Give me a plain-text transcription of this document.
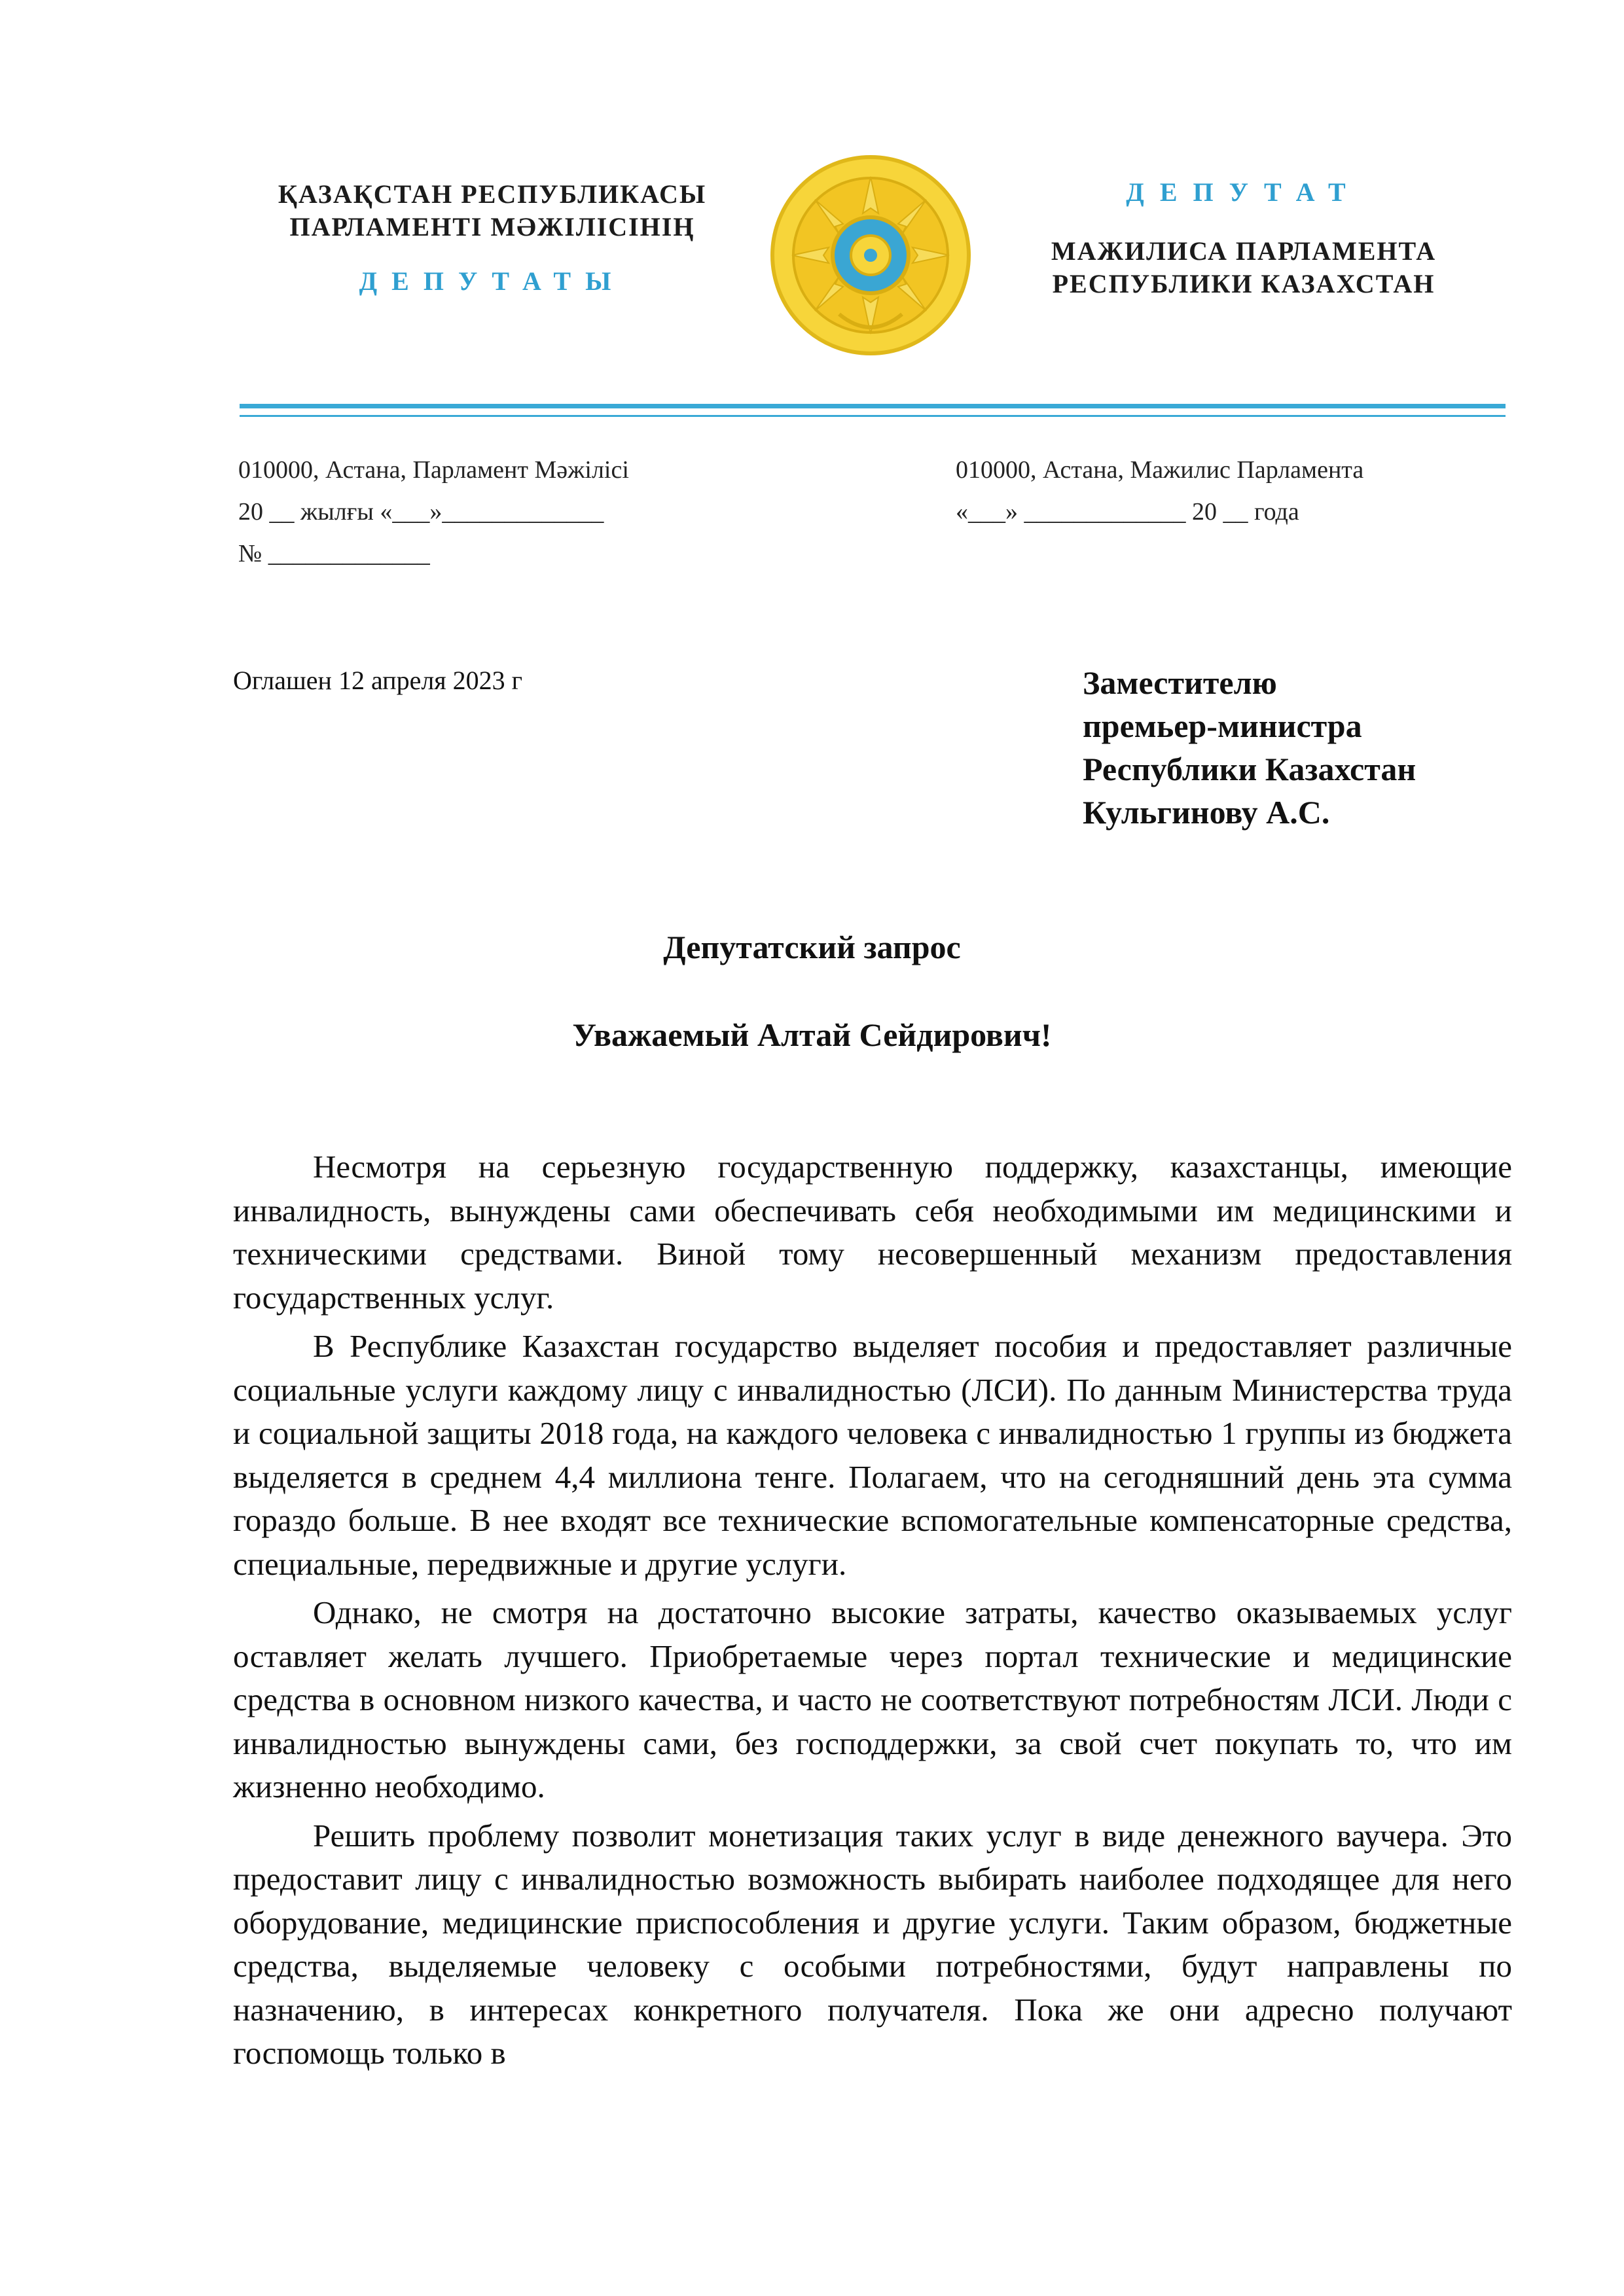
ҚАЗАҚСТАН РЕСПУБЛИКАСЫ
ПАРЛАМЕНТІ МӘЖІЛІСІНІҢ
ДЕПУТАТЫ
ДЕПУТАТ
МАЖИЛИСА ПАРЛАМЕНТА
РЕСПУБЛИКИ КАЗАХСТАН
010000, Астана, Парламент Мәжілісі
20 __ жылғы «___»_____________
№ _____________
010000, Астана, Мажилис Парламента
«___» _____________ 20 __ года
Оглашен 12 апреля 2023 г	Заместителю
премьер-министра
Республики Казахстан
Кульгинову А.С.
Депутатский запрос
Уважаемый Алтай Сейдирович!

Несмотря на серьезную государственную поддержку, казахстанцы, имеющие инвалидность, вынуждены сами обеспечивать себя необходимыми им медицинскими и техническими средствами. Виной тому несовершенный механизм предоставления государственных услуг.

В Республике Казахстан государство выделяет пособия и предоставляет различные социальные услуги каждому лицу с инвалидностью (ЛСИ). По данным Министерства труда и социальной защиты 2018 года, на каждого человека с инвалидностью 1 группы из бюджета выделяется в среднем 4,4 миллиона тенге. Полагаем, что на сегодняшний день эта сумма гораздо больше. В нее входят все технические вспомогательные компенсаторные средства, специальные, передвижные и другие услуги.

Однако, не смотря на достаточно высокие затраты, качество оказываемых услуг оставляет желать лучшего. Приобретаемые через портал технические и медицинские средства в основном низкого качества, и часто не соответствуют потребностям ЛСИ. Люди с инвалидностью вынуждены сами, без господдержки, за свой счет покупать то, что им жизненно необходимо.

Решить проблему позволит монетизация таких услуг в виде денежного ваучера. Это предоставит лицу с инвалидностью возможность выбирать наиболее подходящее для него оборудование, медицинские приспособления и другие услуги. Таким образом, бюджетные средства, выделяемые человеку с особыми потребностями, будут направлены по назначению, в интересах конкретного получателя. Пока же они адресно получают госпомощь только в
